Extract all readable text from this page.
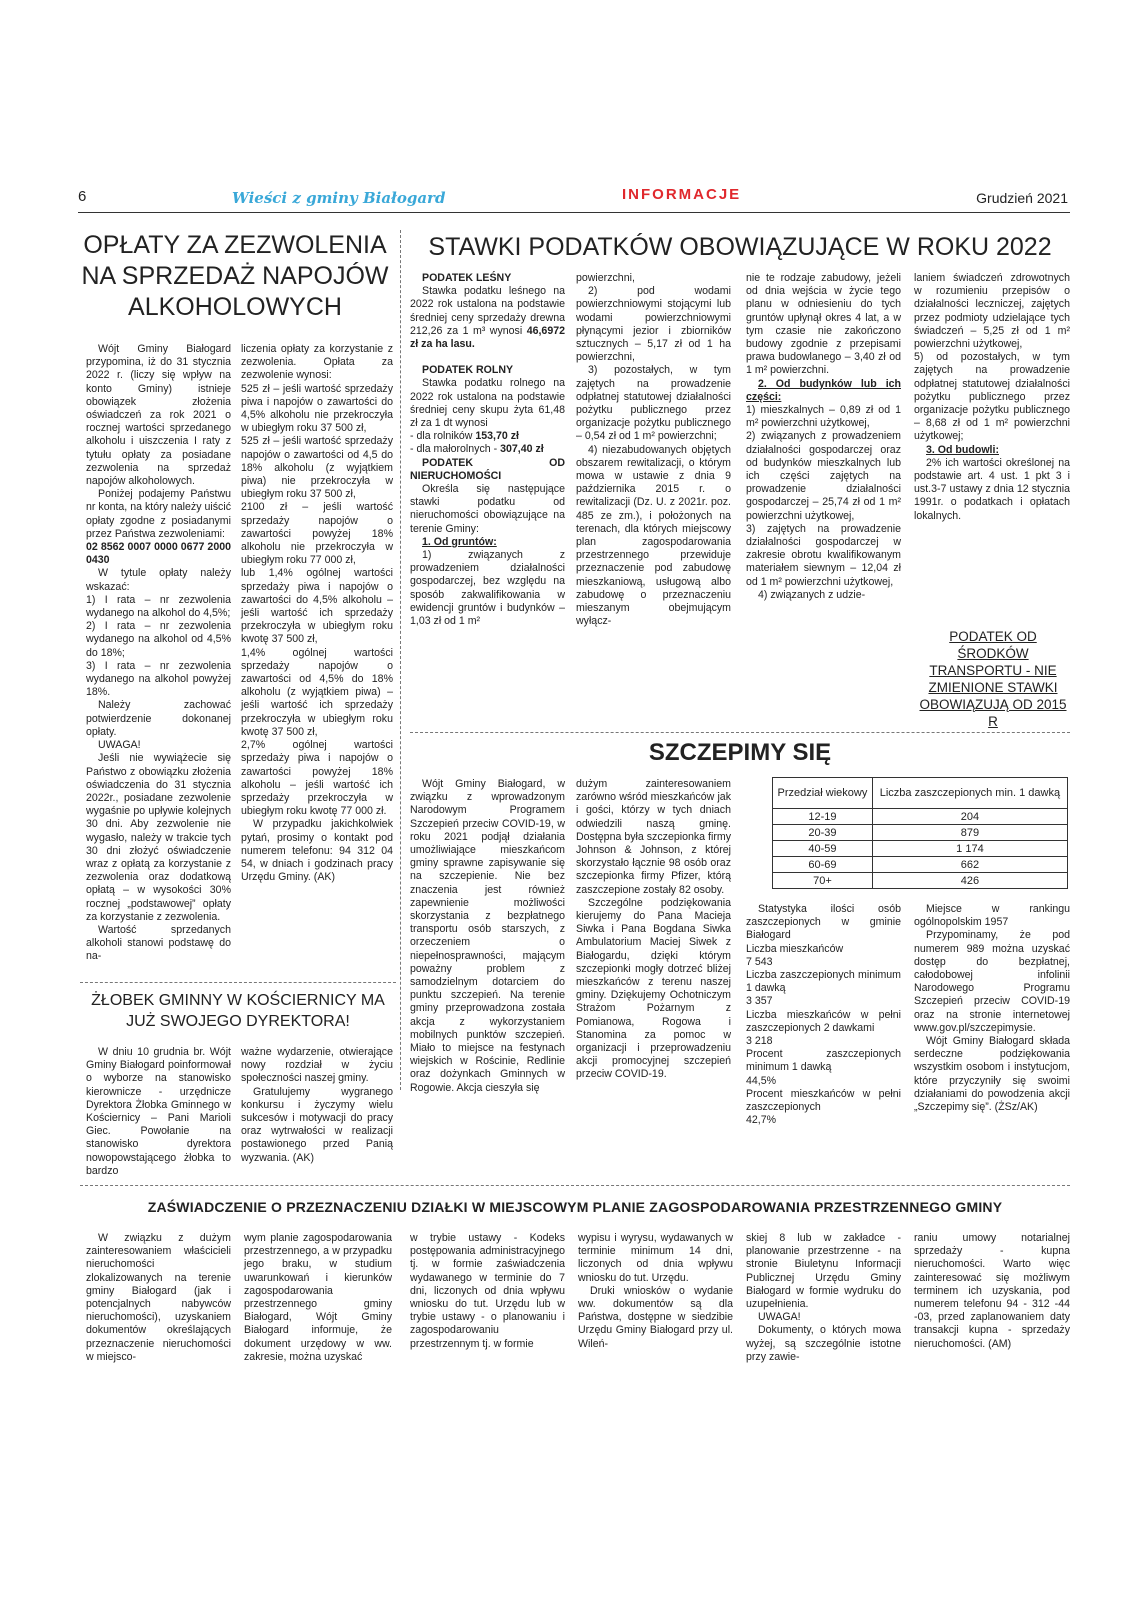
6	Wieści z gminy Białogard	INFORMACJE	Grudzień 2021
OPŁATY ZA ZEZWOLENIA NA SPRZEDAŻ NAPOJÓW ALKOHOLOWYCH

Wójt Gminy Białogard przypomina, iż do 31 stycznia 2022 r. (liczy się wpływ na konto Gminy) istnieje obowiązek złożenia oświadczeń za rok 2021 o rocznej wartości sprzedanego alkoholu i uiszczenia I raty z tytułu opłaty za posiadane zezwolenia na sprzedaż napojów alkoholowych.

Poniżej podajemy Państwu nr konta, na który należy uiścić opłaty zgodne z posiadanymi przez Państwa zezwoleniami:

02 8562 0007 0000 0677 2000 0430

W tytule opłaty należy wskazać:

1) I rata – nr zezwolenia wydanego na alkohol do 4,5%;

2) I rata – nr zezwolenia wydanego na alkohol od 4,5% do 18%;

3) I rata – nr zezwolenia wydanego na alkohol powyżej 18%.

Należy zachować potwierdzenie dokonanej opłaty.

UWAGA!

Jeśli nie wywiążecie się Państwo z obowiązku złożenia oświadczenia do 31 stycznia 2022r., posiadane zezwolenie wygaśnie po upływie kolejnych 30 dni. Aby zezwolenie nie wygasło, należy w trakcie tych 30 dni złożyć oświadczenie wraz z opłatą za korzystanie z zezwolenia oraz dodatkową opłatą – w wysokości 30% rocznej „podstawowej” opłaty za korzystanie z zezwolenia.

Wartość sprzedanych alkoholi stanowi podstawę do na-

liczenia opłaty za korzystanie z zezwolenia. Opłata za zezwolenie wynosi:

525 zł – jeśli wartość sprzedaży piwa i napojów o zawartości do 4,5% alkoholu nie przekroczyła w ubiegłym roku 37 500 zł,

525 zł – jeśli wartość sprzedaży napojów o zawartości od 4,5 do 18% alkoholu (z wyjątkiem piwa) nie przekroczyła w ubiegłym roku 37 500 zł,

2100 zł – jeśli wartość sprzedaży napojów o zawartości powyżej 18% alkoholu nie przekroczyła w ubiegłym roku 77 000 zł,

lub 1,4% ogólnej wartości sprzedaży piwa i napojów o zawartości do 4,5% alkoholu – jeśli wartość ich sprzedaży przekroczyła w ubiegłym roku kwotę 37 500 zł,

1,4% ogólnej wartości sprzedaży napojów o zawartości od 4,5% do 18% alkoholu (z wyjątkiem piwa) – jeśli wartość ich sprzedaży przekroczyła w ubiegłym roku kwotę 37 500 zł,

2,7% ogólnej wartości sprzedaży piwa i napojów o zawartości powyżej 18% alkoholu – jeśli wartość ich sprzedaży przekroczyła w ubiegłym roku kwotę 77 000 zł.

W przypadku jakichkolwiek pytań, prosimy o kontakt pod numerem telefonu: 94 312 04 54, w dniach i godzinach pracy Urzędu Gminy. (AK)

ŻŁOBEK GMINNY W KOŚCIERNICY MA JUŻ SWOJEGO DYREKTORA!

W dniu 10 grudnia br. Wójt Gminy Białogard poinformował o wyborze na stanowisko kierownicze - urzędnicze Dyrektora Żłobka Gminnego w Kościernicy – Pani Marioli Giec. Powołanie na stanowisko dyrektora nowopowstającego żłobka to bardzo

ważne wydarzenie, otwierające nowy rozdział w życiu społeczności naszej gminy.

Gratulujemy wygranego konkursu i życzymy wielu sukcesów i motywacji do pracy oraz wytrwałości w realizacji postawionego przed Panią wyzwania. (AK)

STAWKI PODATKÓW OBOWIĄZUJĄCE W ROKU 2022

PODATEK LEŚNY

Stawka podatku leśnego na 2022 rok ustalona na podstawie średniej ceny sprzedaży drewna 212,26 za 1 m³ wynosi 46,6972 zł za ha lasu.

PODATEK ROLNY

Stawka podatku rolnego na 2022 rok ustalona na podstawie średniej ceny skupu żyta 61,48 zł za 1 dt wynosi

- dla rolników 153,70 zł

- dla małorolnych - 307,40 zł

PODATEK OD NIERUCHOMOŚCI

Określa się następujące stawki podatku od nieruchomości obowiązujące na terenie Gminy:

1. Od gruntów:

1) związanych z prowadzeniem działalności gospodarczej, bez względu na sposób zakwalifikowania w ewidencji gruntów i budynków – 1,03 zł od 1 m²

powierzchni,

2) pod wodami powierzchniowymi stojącymi lub wodami powierzchniowymi płynącymi jezior i zbiorników sztucznych – 5,17 zł od 1 ha powierzchni,

3) pozostałych, w tym zajętych na prowadzenie odpłatnej statutowej działalności pożytku publicznego przez organizacje pożytku publicznego – 0,54 zł od 1 m² powierzchni;

4) niezabudowanych objętych obszarem rewitalizacji, o którym mowa w ustawie z dnia 9 października 2015 r. o rewitalizacji (Dz. U. z 2021r. poz. 485 ze zm.), i położonych na terenach, dla których miejscowy plan zagospodarowania przestrzennego przewiduje przeznaczenie pod zabudowę mieszkaniową, usługową albo zabudowę o przeznaczeniu mieszanym obejmującym wyłącz-

nie te rodzaje zabudowy, jeżeli od dnia wejścia w życie tego planu w odniesieniu do tych gruntów upłynął okres 4 lat, a w tym czasie nie zakończono budowy zgodnie z przepisami prawa budowlanego – 3,40 zł od 1 m² powierzchni.

2. Od budynków lub ich części:

1) mieszkalnych – 0,89 zł od 1 m² powierzchni użytkowej,

2) związanych z prowadzeniem działalności gospodarczej oraz od budynków mieszkalnych lub ich części zajętych na prowadzenie działalności gospodarczej – 25,74 zł od 1 m² powierzchni użytkowej,

3) zajętych na prowadzenie działalności gospodarczej w zakresie obrotu kwalifikowanym materiałem siewnym – 12,04 zł od 1 m² powierzchni użytkowej,

4) związanych z udzie-

laniem świadczeń zdrowotnych w rozumieniu przepisów o działalności leczniczej, zajętych przez podmioty udzielające tych świadczeń – 5,25 zł od 1 m² powierzchni użytkowej,

5) od pozostałych, w tym zajętych na prowadzenie odpłatnej statutowej działalności pożytku publicznego przez organizacje pożytku publicznego – 8,68 zł od 1 m² powierzchni użytkowej;

3. Od budowli:

2% ich wartości określonej na podstawie art. 4 ust. 1 pkt 3 i ust.3-7 ustawy z dnia 12 stycznia 1991r. o podatkach i opłatach lokalnych.

PODATEK OD ŚRODKÓW TRANSPORTU - NIE ZMIENIONE STAWKI OBOWIĄZUJĄ OD 2015 R
SZCZEPIMY SIĘ

Wójt Gminy Białogard, w związku z wprowadzonym Narodowym Programem Szczepień przeciw COVID-19, w roku 2021 podjął działania umożliwiające mieszkańcom gminy sprawne zapisywanie się na szczepienie. Nie bez znaczenia jest również zapewnienie możliwości skorzystania z bezpłatnego transportu osób starszych, z orzeczeniem o niepełnosprawności, mającym poważny problem z samodzielnym dotarciem do punktu szczepień. Na terenie gminy przeprowadzona została akcja z wykorzystaniem mobilnych punktów szczepień. Miało to miejsce na festynach wiejskich w Rościnie, Redlinie oraz dożynkach Gminnych w Rogowie. Akcja cieszyła się

dużym zainteresowaniem zarówno wśród mieszkańców jak i gości, którzy w tych dniach odwiedzili naszą gminę. Dostępna była szczepionka firmy Johnson & Johnson, z której skorzystało łącznie 98 osób oraz szczepionka firmy Pfizer, którą zaszczepione zostały 82 osoby.

Szczególne podziękowania kierujemy do Pana Macieja Siwka i Pana Bogdana Siwka Ambulatorium Maciej Siwek z Białogardu, dzięki którym szczepionki mogły dotrzeć bliżej mieszkańców z terenu naszej gminy. Dziękujemy Ochotniczym Strażom Pożarnym z Pomianowa, Rogowa i Stanomina za pomoc w organizacji i przeprowadzeniu akcji promocyjnej szczepień przeciw COVID-19.

Przedział wiekowy	Liczba zaszczepionych min. 1 dawką
12-19	204
20-39	879
40-59	1 174
60-69	662
70+	426

Statystyka ilości osób zaszczepionych w gminie Białogard

Liczba mieszkańców

7 543

Liczba zaszczepionych minimum 1 dawką

3 357

Liczba mieszkańców w pełni zaszczepionych 2 dawkami

3 218

Procent zaszczepionych minimum 1 dawką

44,5%

Procent mieszkańców w pełni zaszczepionych

42,7%

Miejsce w rankingu ogólnopolskim 1957

Przypominamy, że pod numerem 989 można uzyskać dostęp do bezpłatnej, całodobowej infolinii Narodowego Programu Szczepień przeciw COVID-19 oraz na stronie internetowej www.gov.pl/szczepimysie.

Wójt Gminy Białogard składa serdeczne podziękowania wszystkim osobom i instytucjom, które przyczyniły się swoimi działaniami do powodzenia akcji „Szczepimy się”. (ŻSz/AK)

ZAŚWIADCZENIE O PRZEZNACZENIU DZIAŁKI W MIEJSCOWYM PLANIE ZAGOSPODAROWANIA PRZESTRZENNEGO GMINY

W związku z dużym zainteresowaniem właścicieli nieruchomości zlokalizowanych na terenie gminy Białogard (jak i potencjalnych nabywców nieruchomości), uzyskaniem dokumentów określających przeznaczenie nieruchomości w miejsco-

wym planie zagospodarowania przestrzennego, a w przypadku jego braku, w studium uwarunkowań i kierunków zagospodarowania przestrzennego gminy Białogard, Wójt Gminy Białogard informuje, że dokument urzędowy w ww. zakresie, można uzyskać

w trybie ustawy - Kodeks postępowania administracyjnego tj. w formie zaświadczenia wydawanego w terminie do 7 dni, liczonych od dnia wpływu wniosku do tut. Urzędu lub w trybie ustawy - o planowaniu i zagospodarowaniu przestrzennym tj. w formie

wypisu i wyrysu, wydawanych w terminie minimum 14 dni, liczonych od dnia wpływu wniosku do tut. Urzędu.

Druki wniosków o wydanie ww. dokumentów są dla Państwa, dostępne w siedzibie Urzędu Gminy Białogard przy ul. Wileń-

skiej 8 lub w zakładce - planowanie przestrzenne - na stronie Biuletynu Informacji Publicznej Urzędu Gminy Białogard w formie wydruku do uzupełnienia.

UWAGA!

Dokumenty, o których mowa wyżej, są szczególnie istotne przy zawie-

raniu umowy notarialnej sprzedaży - kupna nieruchomości. Warto więc zainteresować się możliwym terminem ich uzyskania, pod numerem telefonu 94 - 312 -44 -03, przed zaplanowaniem daty transakcji kupna - sprzedaży nieruchomości. (AM)
